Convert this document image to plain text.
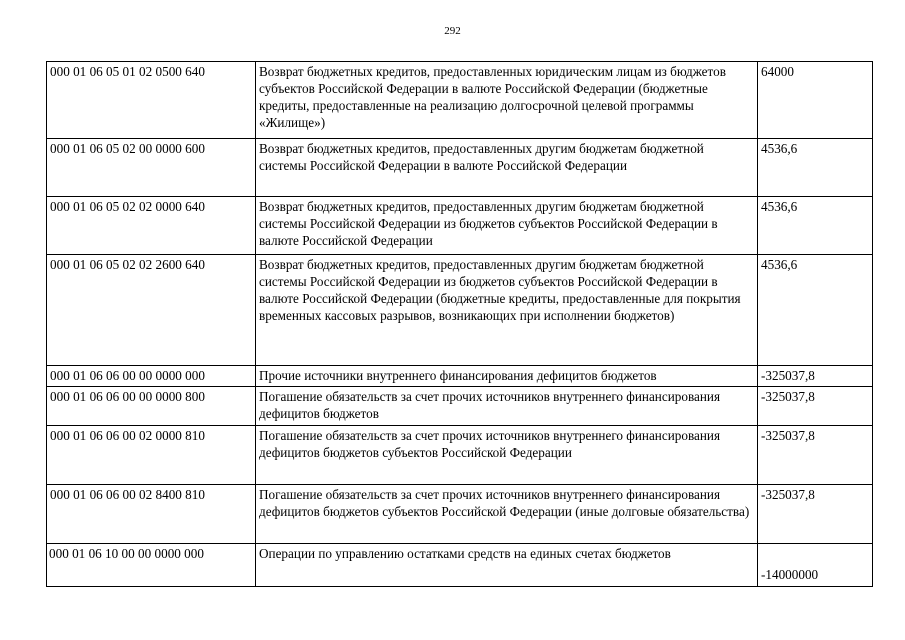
292
000 01 06 05 01 02 0500 640	Возврат бюджетных кредитов, предоставленных юридическим лицам из бюджетов субъектов Российской Федерации в валюте Российской Федерации (бюджетные кредиты, предоставленные на реализацию долгосрочной целевой программы «Жилище»)	64000
000 01 06 05 02 00 0000 600	Возврат бюджетных кредитов, предоставленных другим бюджетам бюджетной системы Российской Федерации в валюте Российской Федерации	4536,6
000 01 06 05 02 02 0000 640	Возврат бюджетных кредитов, предоставленных другим бюджетам бюджетной системы Российской Федерации из бюджетов субъектов Российской Федерации в валюте Российской Федерации	4536,6
000 01 06 05 02 02 2600 640	Возврат бюджетных кредитов, предоставленных другим бюджетам бюджетной системы Российской Федерации из бюджетов субъектов Российской Федерации в валюте Российской Федерации (бюджетные кредиты, предоставленные для покрытия временных кассовых разрывов, возникающих при исполнении бюджетов)	4536,6
000 01 06 06 00 00 0000 000	Прочие источники внутреннего финансирования дефицитов бюджетов	-325037,8
000 01 06 06 00 00 0000 800	Погашение обязательств за счет прочих источников внутреннего финансирования дефицитов бюджетов	-325037,8
000 01 06 06 00 02 0000 810	Погашение обязательств за счет прочих источников внутреннего финансирования дефицитов бюджетов субъектов Российской Федерации	-325037,8
000 01 06 06 00 02 8400 810	Погашение обязательств за счет прочих источников внутреннего финансирования дефицитов бюджетов субъектов Российской Федерации (иные долговые обязательства)	-325037,8
000 01 06 10 00 00 0000 000	Операции по управлению остатками средств на единых счетах бюджетов	-14000000
